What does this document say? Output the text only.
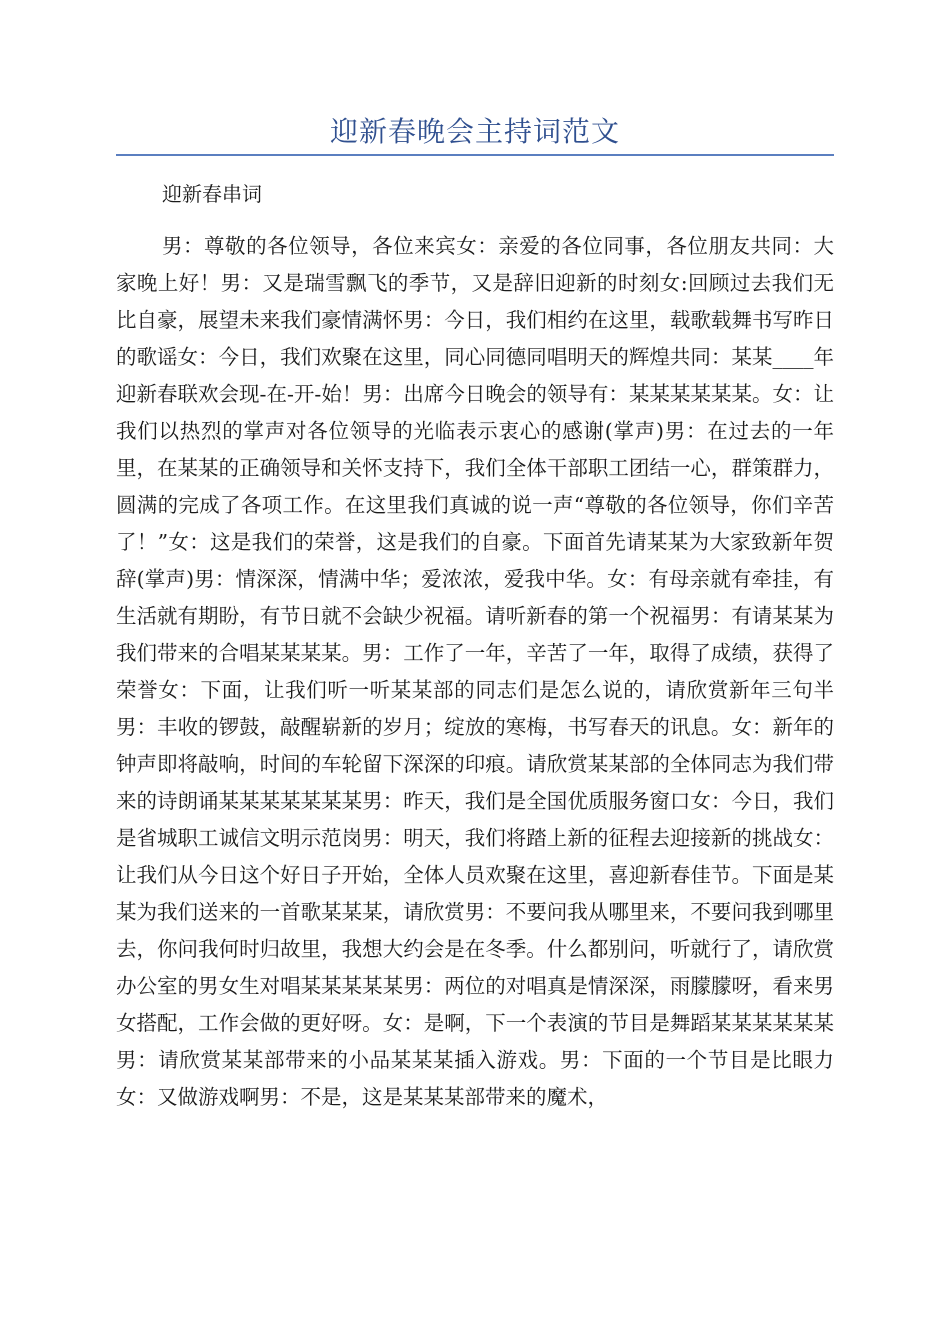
迎新春晚会主持词范文

迎新春串词

男：尊敬的各位领导，各位来宾女：亲爱的各位同事，各位朋友共同：大家晚上好！男：又是瑞雪飘飞的季节，又是辞旧迎新的时刻女:回顾过去我们无比自豪，展望未来我们豪情满怀男：今日，我们相约在这里，载歌载舞书写昨日的歌谣女：今日，我们欢聚在这里，同心同德同唱明天的辉煌共同：某某____年迎新春联欢会现-在-开-始！男：出席今日晚会的领导有：某某某某某某。女：让我们以热烈的掌声对各位领导的光临表示衷心的感谢(掌声)男：在过去的一年里，在某某的正确领导和关怀支持下，我们全体干部职工团结一心，群策群力，圆满的完成了各项工作。在这里我们真诚的说一声“尊敬的各位领导，你们辛苦了！”女：这是我们的荣誉，这是我们的自豪。下面首先请某某为大家致新年贺辞(掌声)男：情深深，情满中华；爱浓浓，爱我中华。女：有母亲就有牵挂，有生活就有期盼，有节日就不会缺少祝福。请听新春的第一个祝福男：有请某某为我们带来的合唱某某某某。男：工作了一年，辛苦了一年，取得了成绩，获得了荣誉女：下面，让我们听一听某某部的同志们是怎么说的，请欣赏新年三句半男：丰收的锣鼓，敲醒崭新的岁月；绽放的寒梅，书写春天的讯息。女：新年的钟声即将敲响，时间的车轮留下深深的印痕。请欣赏某某部的全体同志为我们带来的诗朗诵某某某某某某某男：昨天，我们是全国优质服务窗口女：今日，我们是省城职工诚信文明示范岗男：明天，我们将踏上新的征程去迎接新的挑战女：让我们从今日这个好日子开始，全体人员欢聚在这里，喜迎新春佳节。下面是某某为我们送来的一首歌某某某，请欣赏男：不要问我从哪里来，不要问我到哪里去，你问我何时归故里，我想大约会是在冬季。什么都别问，听就行了，请欣赏办公室的男女生对唱某某某某某男：两位的对唱真是情深深，雨朦朦呀，看来男女搭配，工作会做的更好呀。女：是啊，下一个表演的节目是舞蹈某某某某某某男：请欣赏某某部带来的小品某某某插入游戏。男：下面的一个节目是比眼力女：又做游戏啊男：不是，这是某某某部带来的魔术，
